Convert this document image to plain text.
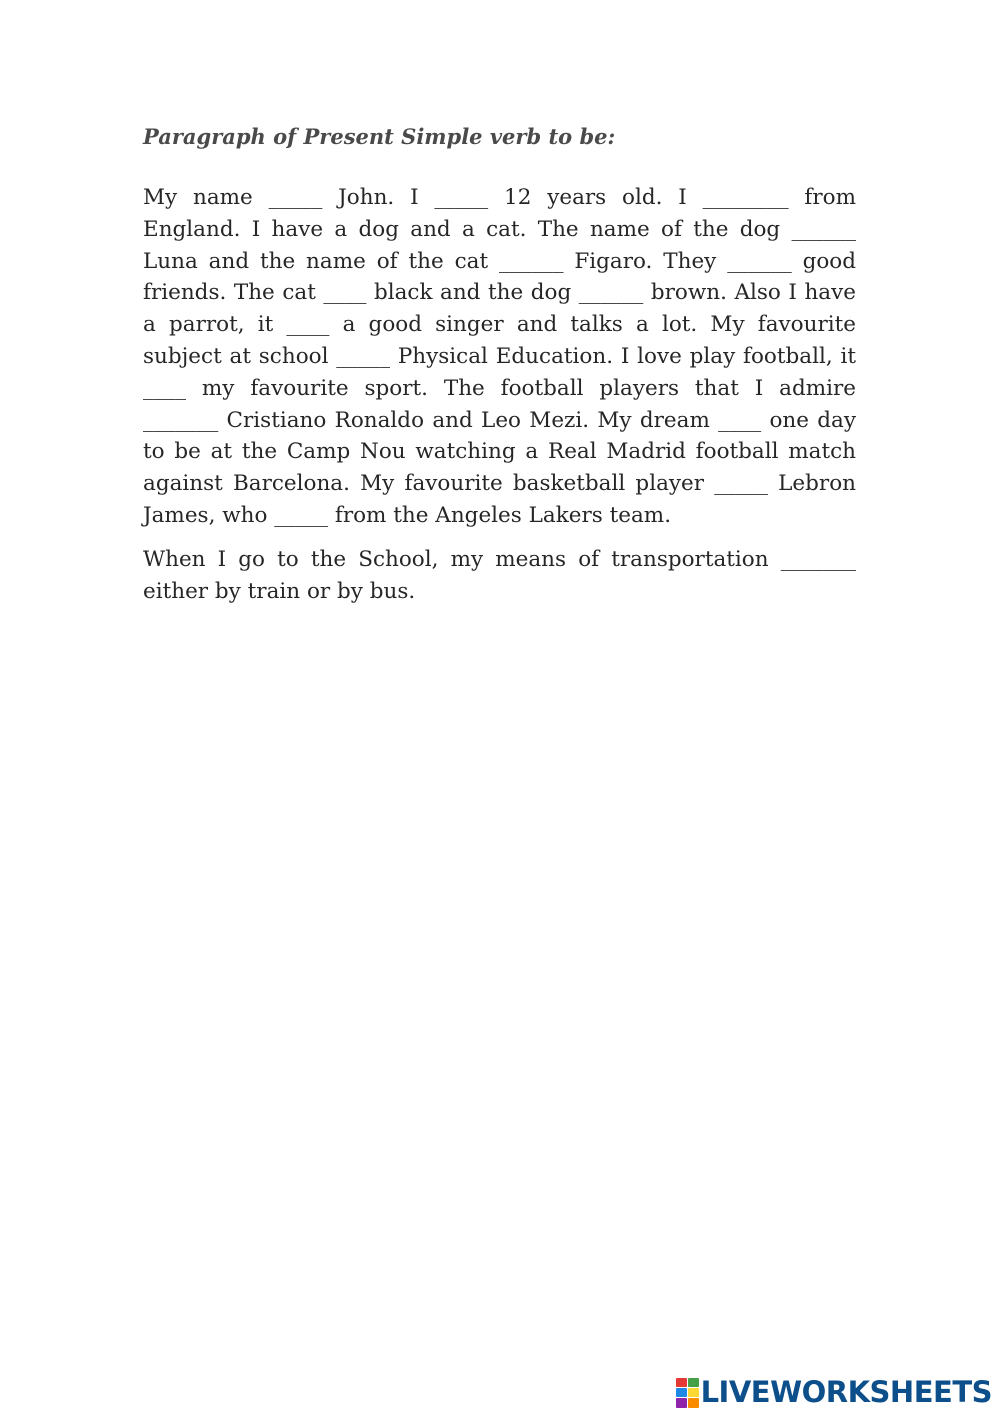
Paragraph of Present Simple verb to be:

My name _____ John. I _____ 12 years old. I ________ from England. I have a dog and a cat. The name of the dog ______ Luna and the name of the cat ______ Figaro. They ______ good friends. The cat ____ black and the dog ______ brown. Also I have a parrot, it ____ a good singer and talks a lot. My favourite subject at school _____ Physical Education. I love play football, it ____ my favourite sport. The football players that I admire _______ Cristiano Ronaldo and Leo Mezi. My dream ____ one day to be at the Camp Nou watching a Real Madrid football match against Barcelona. My favourite basketball player _____ Lebron James, who _____ from the Angeles Lakers team.

When I go to the School, my means of transportation _______ either by train or by bus.

LIVEWORKSHEETS
